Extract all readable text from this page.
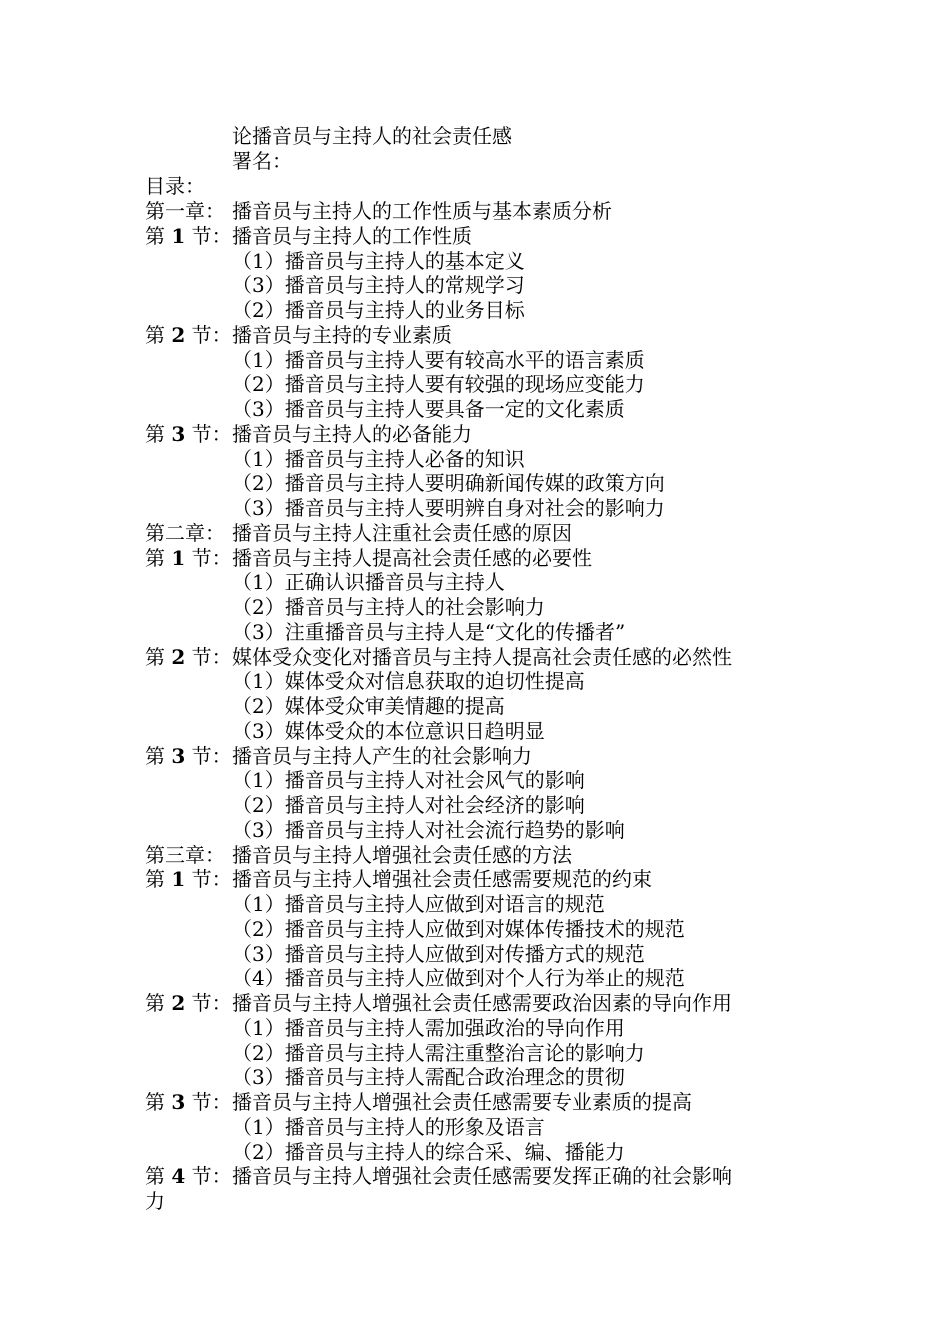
论播音员与主持人的社会责任感
署名：
目录：
第一章： 播音员与主持人的工作性质与基本素质分析
第 1 节：播音员与主持人的工作性质
（1）播音员与主持人的基本定义
（3）播音员与主持人的常规学习
（2）播音员与主持人的业务目标
第 2 节：播音员与主持的专业素质
（1）播音员与主持人要有较高水平的语言素质
（2）播音员与主持人要有较强的现场应变能力
（3）播音员与主持人要具备一定的文化素质
第 3 节：播音员与主持人的必备能力
（1）播音员与主持人必备的知识
（2）播音员与主持人要明确新闻传媒的政策方向
（3）播音员与主持人要明辨自身对社会的影响力
第二章： 播音员与主持人注重社会责任感的原因
第 1 节：播音员与主持人提高社会责任感的必要性
（1）正确认识播音员与主持人
（2）播音员与主持人的社会影响力
（3）注重播音员与主持人是“文化的传播者”
第 2 节：媒体受众变化对播音员与主持人提高社会责任感的必然性
（1）媒体受众对信息获取的迫切性提高
（2）媒体受众审美情趣的提高
（3）媒体受众的本位意识日趋明显
第 3 节：播音员与主持人产生的社会影响力
（1）播音员与主持人对社会风气的影响
（2）播音员与主持人对社会经济的影响
（3）播音员与主持人对社会流行趋势的影响
第三章： 播音员与主持人增强社会责任感的方法
第 1 节：播音员与主持人增强社会责任感需要规范的约束
（1）播音员与主持人应做到对语言的规范
（2）播音员与主持人应做到对媒体传播技术的规范
（3）播音员与主持人应做到对传播方式的规范
（4）播音员与主持人应做到对个人行为举止的规范
第 2 节：播音员与主持人增强社会责任感需要政治因素的导向作用
（1）播音员与主持人需加强政治的导向作用
（2）播音员与主持人需注重整治言论的影响力
（3）播音员与主持人需配合政治理念的贯彻
第 3 节：播音员与主持人增强社会责任感需要专业素质的提高
（1）播音员与主持人的形象及语言
（2）播音员与主持人的综合采、编、播能力
第 4 节：播音员与主持人增强社会责任感需要发挥正确的社会影响
力
